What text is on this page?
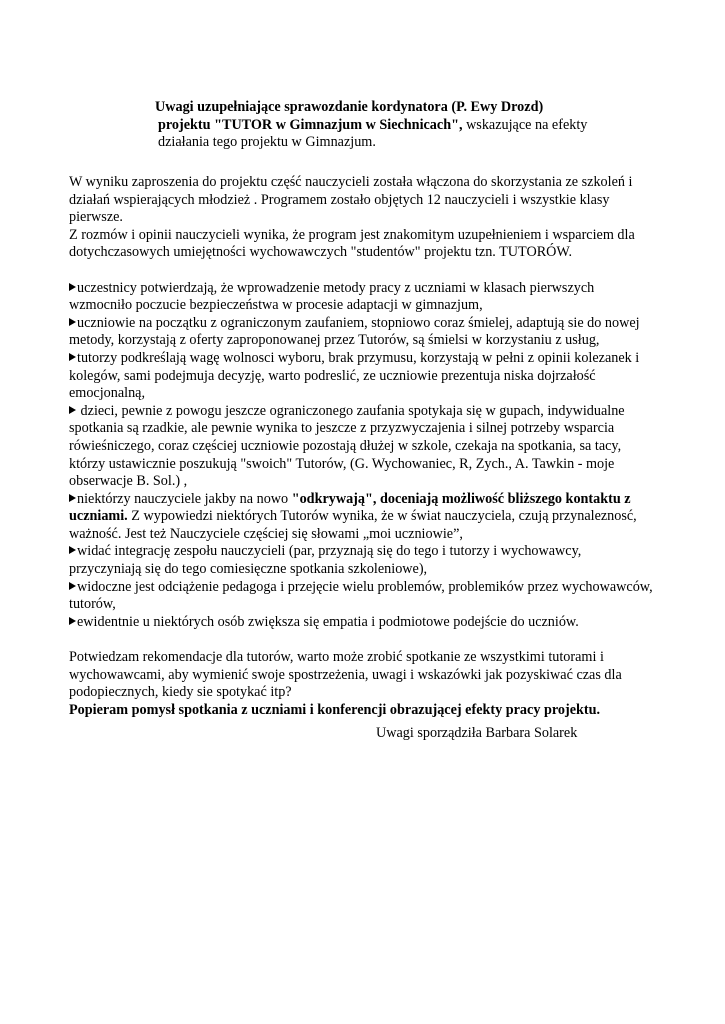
Uwagi uzupełniające sprawozdanie kordynatora (P. Ewy Drozd)

projektu "TUTOR w Gimnazjum w Siechnicach", wskazujące na efekty

działania tego projektu w Gimnazjum.

W wyniku zaproszenia do projektu część nauczycieli została włączona do skorzystania ze szkoleń i działań wspierających młodzież . Programem zostało objętych 12 nauczycieli i wszystkie klasy pierwsze.

Z rozmów i opinii nauczycieli wynika, że program jest znakomitym uzupełnieniem i wsparciem dla dotychczasowych umiejętności wychowawczych "studentów" projektu tzn. TUTORÓW.

uczestnicy potwierdzają, że wprowadzenie metody pracy z uczniami w klasach pierwszych wzmocniło poczucie bezpieczeństwa w procesie adaptacji w gimnazjum,

uczniowie na początku z ograniczonym zaufaniem, stopniowo coraz śmielej, adaptują sie do nowej metody, korzystają z oferty zaproponowanej przez Tutorów, są śmielsi w korzystaniu z usług,

tutorzy podkreślają wagę wolnosci wyboru, brak przymusu, korzystają w pełni z opinii kolezanek i kolegów, sami podejmuja decyzję, warto podreslić, ze uczniowie prezentuja niska dojrzałość emocjonalną,

dzieci, pewnie z powogu jeszcze ograniczonego zaufania spotykaja się w gupach, indywidualne spotkania są rzadkie, ale pewnie wynika to jeszcze z przyzwyczajenia i silnej potrzeby wsparcia rówieśniczego, coraz częściej uczniowie pozostają dłużej w szkole, czekaja na spotkania, sa tacy, którzy ustawicznie poszukują "swoich" Tutorów, (G. Wychowaniec, R, Zych., A. Tawkin - moje obserwacje B. Sol.) ,

niektórzy nauczyciele jakby na nowo "odkrywają", doceniają możliwość bliższego kontaktu z uczniami. Z wypowiedzi niektórych Tutorów wynika, że w świat nauczyciela, czują przynaleznosć, ważność. Jest też Nauczyciele częściej się słowami „moi uczniowie”,

widać integrację zespołu nauczycieli (par, przyznają się do tego i tutorzy i wychowawcy, przyczyniają się do tego comiesięczne spotkania szkoleniowe),

widoczne jest odciążenie pedagoga i przejęcie wielu problemów, problemików przez wychowawców, tutorów,

ewidentnie u niektórych osób zwiększa się empatia i podmiotowe podejście do uczniów.

Potwiedzam rekomendacje dla tutorów, warto może zrobić spotkanie ze wszystkimi tutorami i wychowawcami, aby wymienić swoje spostrzeżenia, uwagi i wskazówki jak pozyskiwać czas dla podopiecznych, kiedy sie spotykać itp?

Popieram pomysł spotkania z uczniami i konferencji obrazującej efekty pracy projektu.

Uwagi sporządziła Barbara Solarek
